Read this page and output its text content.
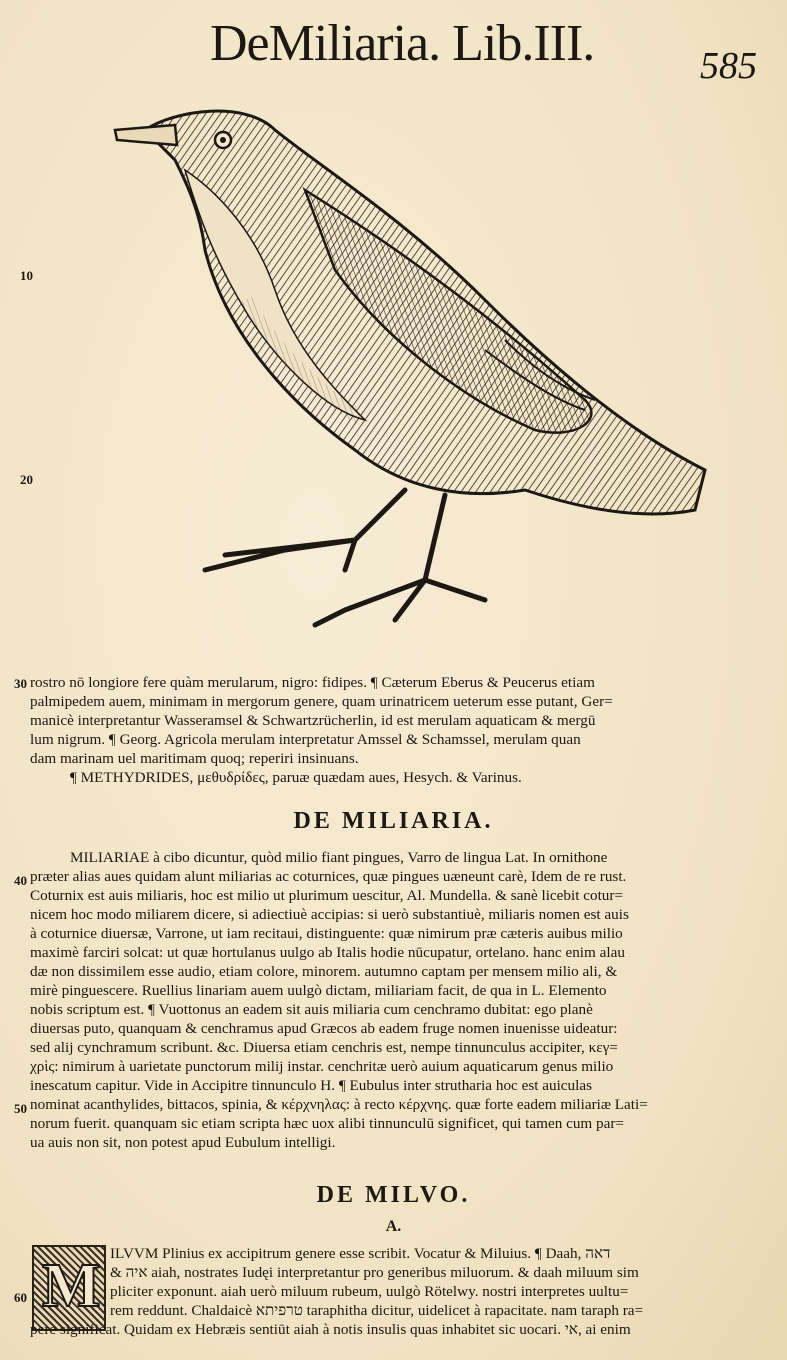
DeMiliaria. Lib.III.	585
10
20
30
40
50
60

rostro nō longiore fere quàm merularum, nigro: fidipes. ¶ Cæterum Eberus & Peucerus etiam

palmipedem auem, minimam in mergorum genere, quam urinatricem ueterum esse putant, Ger=

manicè interpretantur Wasseramsel & Schwartzrücherlin, id est merulam aquaticam & mergū

lum nigrum. ¶ Georg. Agricola merulam interpretatur Amssel & Schamssel, merulam quan

dam marinam uel maritimam quoq; reperiri insinuans.

¶ METHYDRIDES, μεθυδρίδες, paruæ quædam aues, Hesych. & Varinus.

DE MILIARIA.

MILIARIAE à cibo dicuntur, quòd milio fiant pingues, Varro de lingua Lat. In ornithone

præter alias aues quidam alunt miliarias ac coturnices, quæ pingues uæneunt carè, Idem de re rust.

Coturnix est auis miliaris, hoc est milio ut plurimum uescitur, Al. Mundella. & sanè licebit cotur=

nicem hoc modo miliarem dicere, si adiectiuè accipias: si uerò substantiuè, miliaris nomen est auis

à coturnice diuersæ, Varrone, ut iam recitaui, distinguente: quæ nimirum præ cæteris auibus milio

maximè farciri solcat: ut quæ hortulanus uulgo ab Italis hodie nūcupatur, ortelano. hanc enim alau

dæ non dissimilem esse audio, etiam colore, minorem. autumno captam per mensem milio ali, &

mirè pinguescere. Ruellius linariam auem uulgò dictam, miliariam facit, de qua in L. Elemento

nobis scriptum est. ¶ Vuottonus an eadem sit auis miliaria cum cenchramo dubitat: ego planè

diuersas puto, quanquam & cenchramus apud Græcos ab eadem fruge nomen inuenisse uideatur:

sed alij cynchramum scribunt. &c. Diuersa etiam cenchris est, nempe tinnunculus accipiter, κεγ=

χρὶς: nimirum à uarietate punctorum milij instar. cenchritæ uerò auium aquaticarum genus milio

inescatum capitur. Vide in Accipitre tinnunculo H. ¶ Eubulus inter struthariа hoc est auiculas

nominat acanthylides, bittacos, spinia, & κέρχνηλας: à recto κέρχνης. quæ forte eadem miliariæ Lati=

norum fuerit. quanquam sic etiam scripta hæc uox alibi tinnunculū significet, qui tamen cum par=

ua auis non sit, non potest apud Eubulum intelligi.

DE MILVO.
A.
M ILVVM Plinius ex accipitrum genere esse scribit. Vocatur & Miluius. ¶ Daah, דאה

& איה aiah, nostrates Iudęi interpretantur pro generibus miluorum. & daah miluum sim

pliciter exponunt. aiah uerò miluum rubeum, uulgò Rötelwy. nostri interpretes uultu=

rem reddunt. Chaldaicè טרפיתא taraphitha dicitur, uidelicet à rapacitate. nam taraph ra=

pere significat. Quidam ex Hebræis sentiūt aiah à notis insulis quas inhabitet sic uocari. אי, ai enim
